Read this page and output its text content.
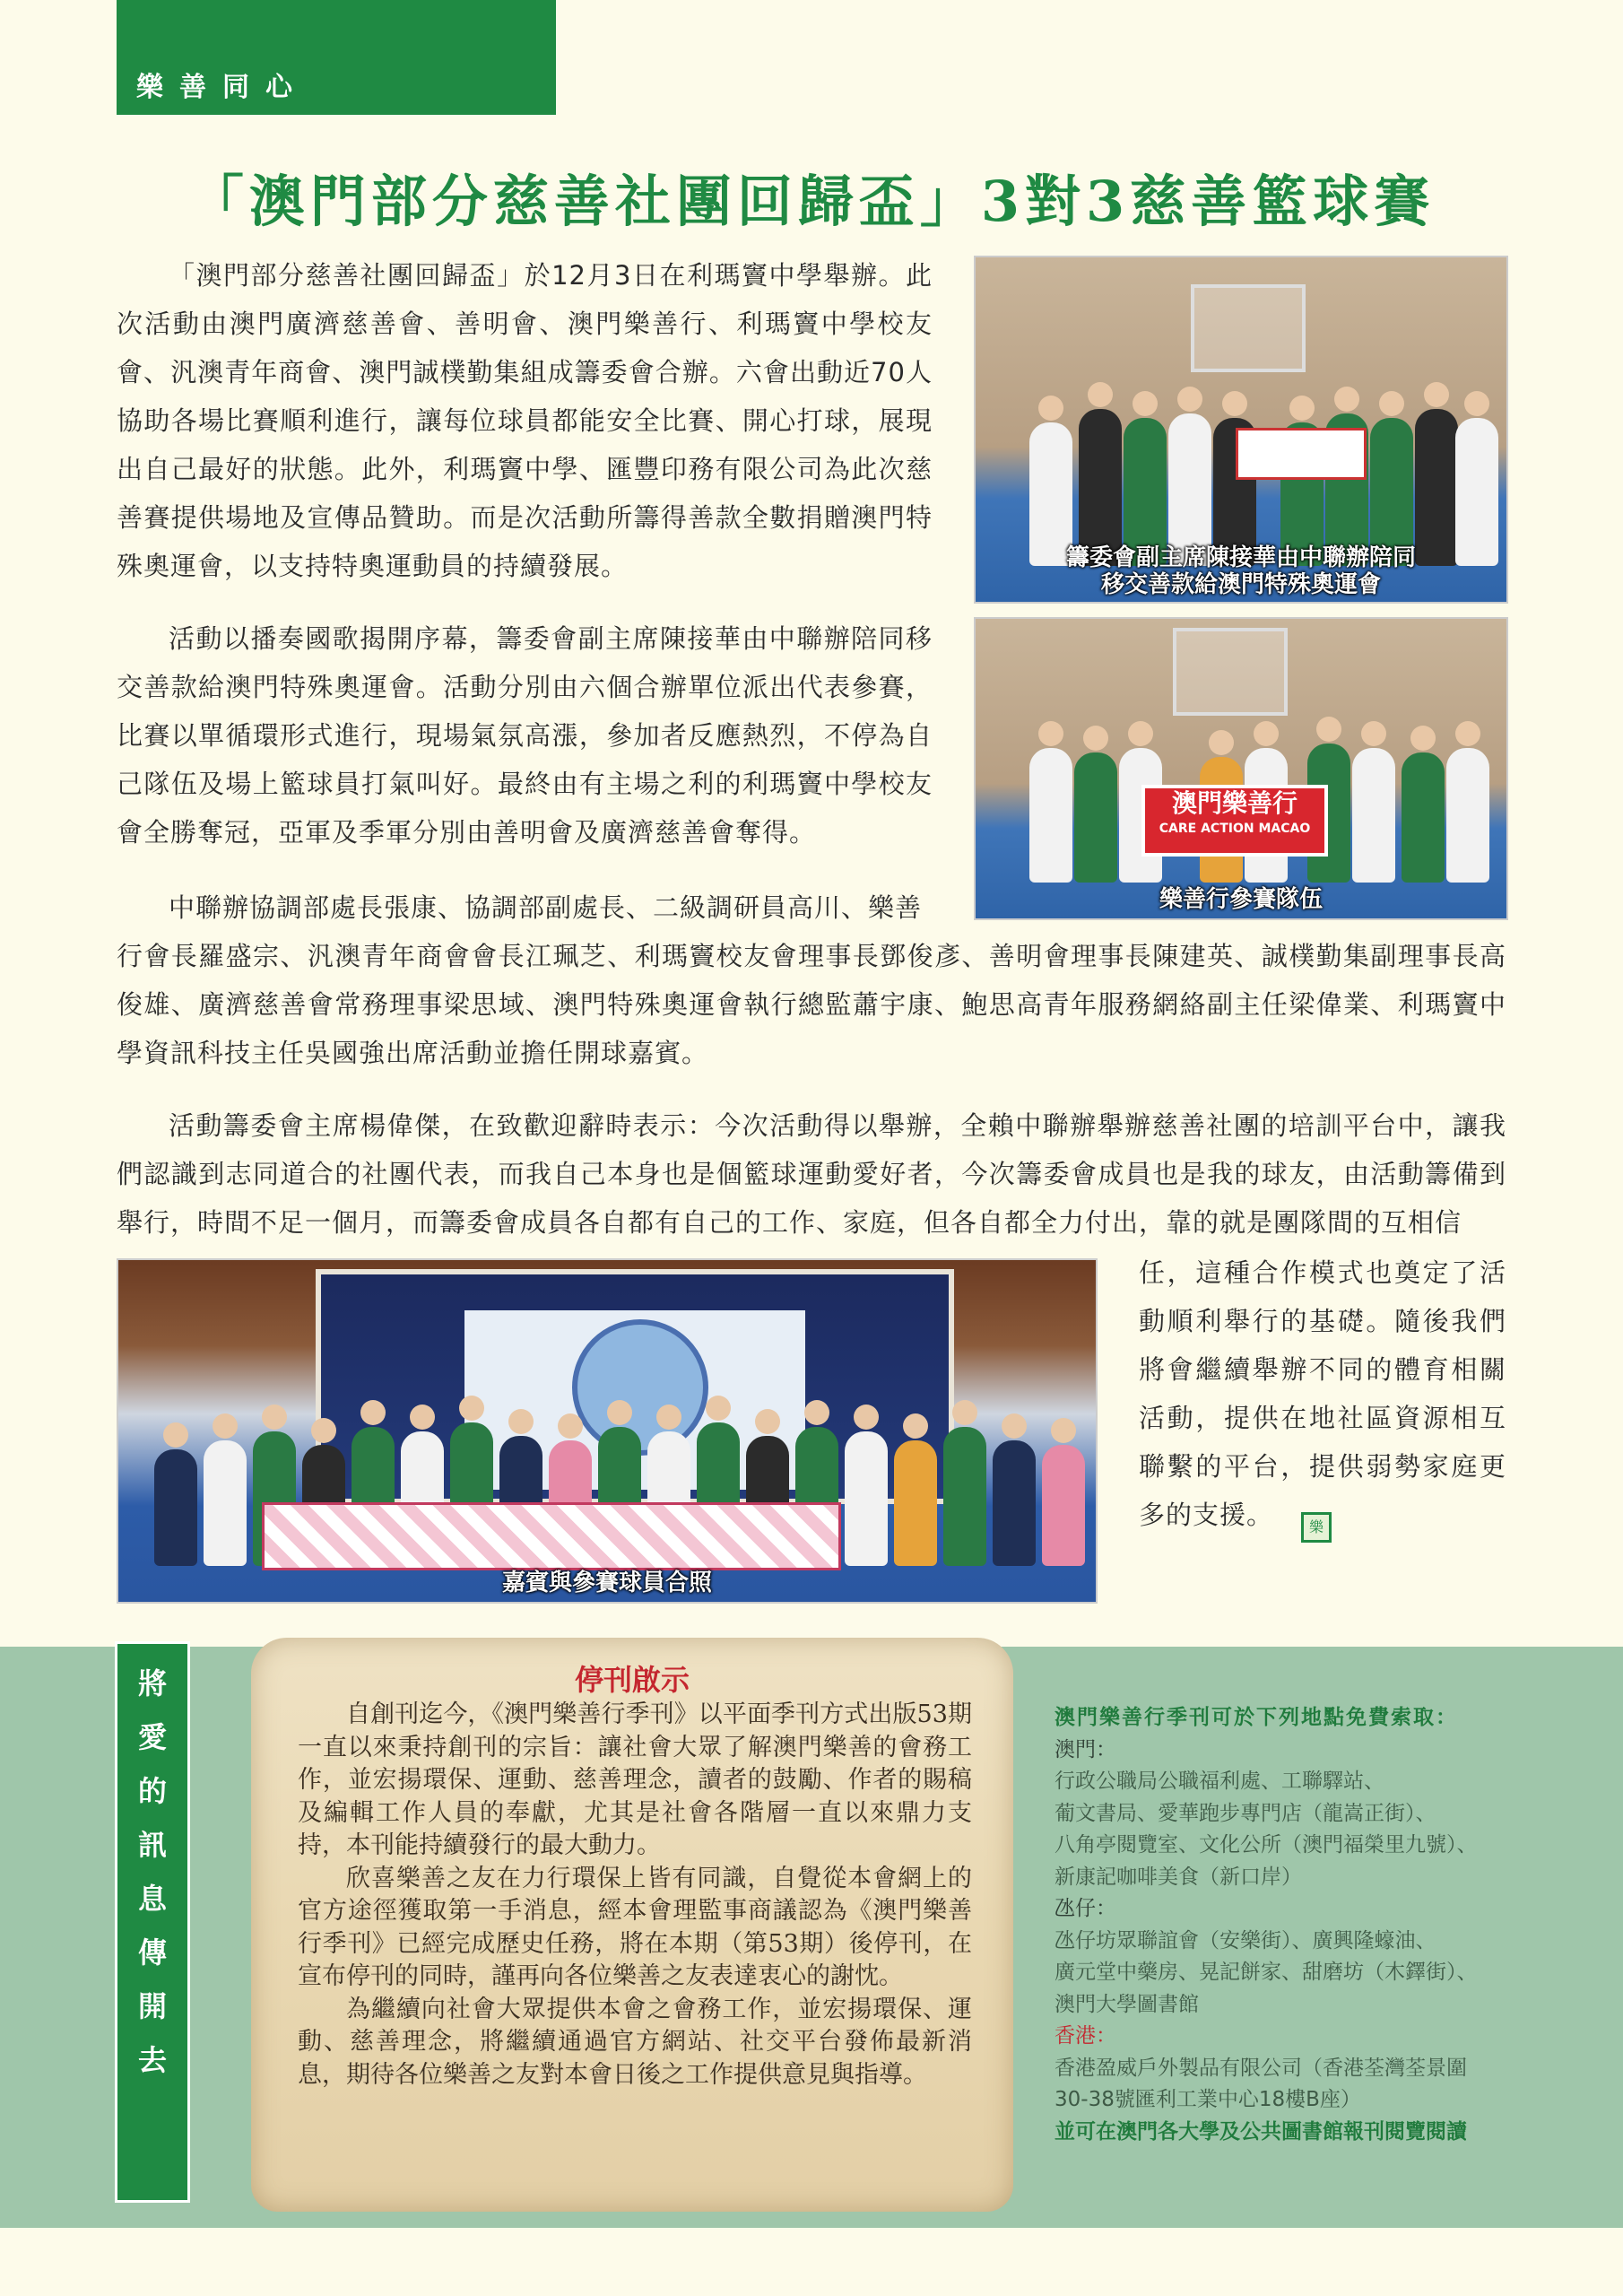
樂善同心
「澳門部分慈善社團回歸盃」3對3慈善籃球賽

「澳門部分慈善社團回歸盃」於12月3日在利瑪竇中學舉辦。此次活動由澳門廣濟慈善會、善明會、澳門樂善行、利瑪竇中學校友會、汎澳青年商會、澳門誠樸勤集組成籌委會合辦。六會出動近70人協助各場比賽順利進行，讓每位球員都能安全比賽、開心打球，展現出自己最好的狀態。此外，利瑪竇中學、匯豐印務有限公司為此次慈善賽提供場地及宣傳品贊助。而是次活動所籌得善款全數捐贈澳門特殊奧運會，以支持特奧運動員的持續發展。

活動以播奏國歌揭開序幕，籌委會副主席陳接華由中聯辦陪同移交善款給澳門特殊奧運會。活動分別由六個合辦單位派出代表參賽，比賽以單循環形式進行，現場氣氛高漲，參加者反應熱烈，不停為自己隊伍及場上籃球員打氣叫好。最終由有主場之利的利瑪竇中學校友會全勝奪冠，亞軍及季軍分別由善明會及廣濟慈善會奪得。

中聯辦協調部處長張康、協調部副處長、二級調研員高川、樂善

行會長羅盛宗、汎澳青年商會會長江珮芝、利瑪竇校友會理事長鄧俊彥、善明會理事長陳建英、誠樸勤集副理事長高俊雄、廣濟慈善會常務理事梁思域、澳門特殊奧運會執行總監蕭宇康、鮑思高青年服務網絡副主任梁偉業、利瑪竇中學資訊科技主任吳國強出席活動並擔任開球嘉賓。

活動籌委會主席楊偉傑，在致歡迎辭時表示：今次活動得以舉辦，全賴中聯辦舉辦慈善社團的培訓平台中，讓我們認識到志同道合的社團代表，而我自己本身也是個籃球運動愛好者，今次籌委會成員也是我的球友，由活動籌備到舉行，時間不足一個月，而籌委會成員各自都有自己的工作、家庭，但各自都全力付出，靠的就是團隊間的互相信

任，這種合作模式也奠定了活動順利舉行的基礎。隨後我們將會繼續舉辦不同的體育相關活動，提供在地社區資源相互聯繫的平台，提供弱勢家庭更多的支援。	樂
籌委會副主席陳接華由中聯辦陪同
移交善款給澳門特殊奧運會
澳門樂善行
CARE ACTION MACAO
樂善行參賽隊伍
嘉賓與參賽球員合照
將
愛
的
訊
息
傳
開
去
停刊啟示

自創刊迄今，《澳門樂善行季刊》以平面季刊方式出版53期一直以來秉持創刊的宗旨：讓社會大眾了解澳門樂善的會務工作，並宏揚環保、運動、慈善理念，讀者的鼓勵、作者的賜稿及編輯工作人員的奉獻，尤其是社會各階層一直以來鼎力支持，本刊能持續發行的最大動力。

欣喜樂善之友在力行環保上皆有同識，自覺從本會網上的官方途徑獲取第一手消息，經本會理監事商議認為《澳門樂善行季刊》已經完成歷史任務，將在本期（第53期）後停刊，在宣布停刊的同時，謹再向各位樂善之友表達衷心的謝忱。

為繼續向社會大眾提供本會之會務工作，並宏揚環保、運動、慈善理念，將繼續通過官方網站、社交平台發佈最新消息，期待各位樂善之友對本會日後之工作提供意見與指導。

澳門樂善行季刊可於下列地點免費索取：
澳門：
行政公職局公職福利處、工聯驛站、
葡文書局、愛華跑步專門店（龍嵩正街）、
八角亭閱覽室、文化公所（澳門福榮里九號）、
新康記咖啡美食（新口岸）
氹仔：
氹仔坊眾聯誼會（安樂街）、廣興隆蠔油、
廣元堂中藥房、晃記餅家、甜磨坊（木鐸街）、
澳門大學圖書館
香港：
香港盈威戶外製品有限公司（香港荃灣荃景圍
30-38號匯利工業中心18樓B座）
並可在澳門各大學及公共圖書館報刊閱覽閱讀
